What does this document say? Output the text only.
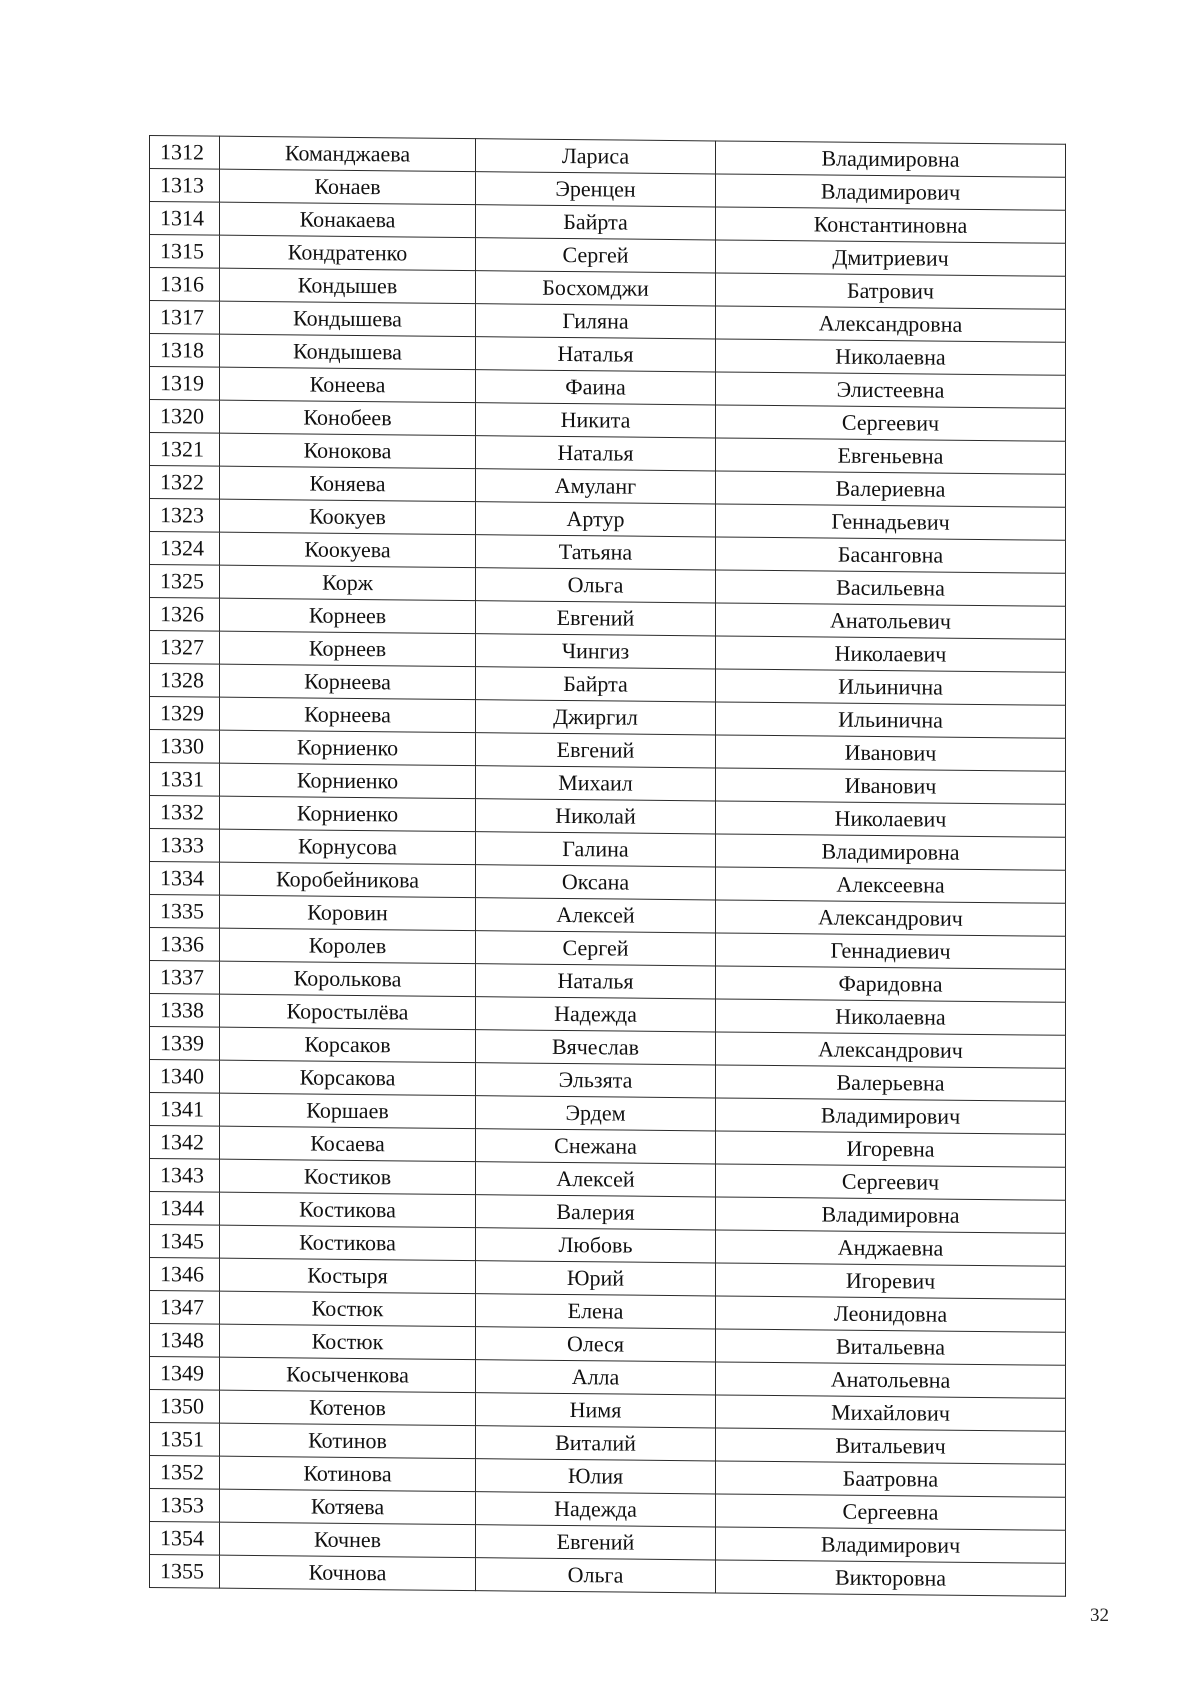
1312	Команджаева	Лариса	Владимировна
1313	Конаев	Эренцен	Владимирович
1314	Конакаева	Байрта	Константиновна
1315	Кондратенко	Сергей	Дмитриевич
1316	Кондышев	Босхомджи	Батрович
1317	Кондышева	Гиляна	Александровна
1318	Кондышева	Наталья	Николаевна
1319	Конеева	Фаина	Элистеевна
1320	Конобеев	Никита	Сергеевич
1321	Конокова	Наталья	Евгеньевна
1322	Коняева	Амуланг	Валериевна
1323	Коокуев	Артур	Геннадьевич
1324	Коокуева	Татьяна	Басанговна
1325	Корж	Ольга	Васильевна
1326	Корнеев	Евгений	Анатольевич
1327	Корнеев	Чингиз	Николаевич
1328	Корнеева	Байрта	Ильинична
1329	Корнеева	Джиргил	Ильинична
1330	Корниенко	Евгений	Иванович
1331	Корниенко	Михаил	Иванович
1332	Корниенко	Николай	Николаевич
1333	Корнусова	Галина	Владимировна
1334	Коробейникова	Оксана	Алексеевна
1335	Коровин	Алексей	Александрович
1336	Королев	Сергей	Геннадиевич
1337	Королькова	Наталья	Фаридовна
1338	Коростылёва	Надежда	Николаевна
1339	Корсаков	Вячеслав	Александрович
1340	Корсакова	Эльзята	Валерьевна
1341	Коршаев	Эрдем	Владимирович
1342	Косаева	Снежана	Игоревна
1343	Костиков	Алексей	Сергеевич
1344	Костикова	Валерия	Владимировна
1345	Костикова	Любовь	Анджаевна
1346	Костыря	Юрий	Игоревич
1347	Костюк	Елена	Леонидовна
1348	Костюк	Олеся	Витальевна
1349	Косыченкова	Алла	Анатольевна
1350	Котенов	Нимя	Михайлович
1351	Котинов	Виталий	Витальевич
1352	Котинова	Юлия	Баатровна
1353	Котяева	Надежда	Сергеевна
1354	Кочнев	Евгений	Владимирович
1355	Кочнова	Ольга	Викторовна
32
